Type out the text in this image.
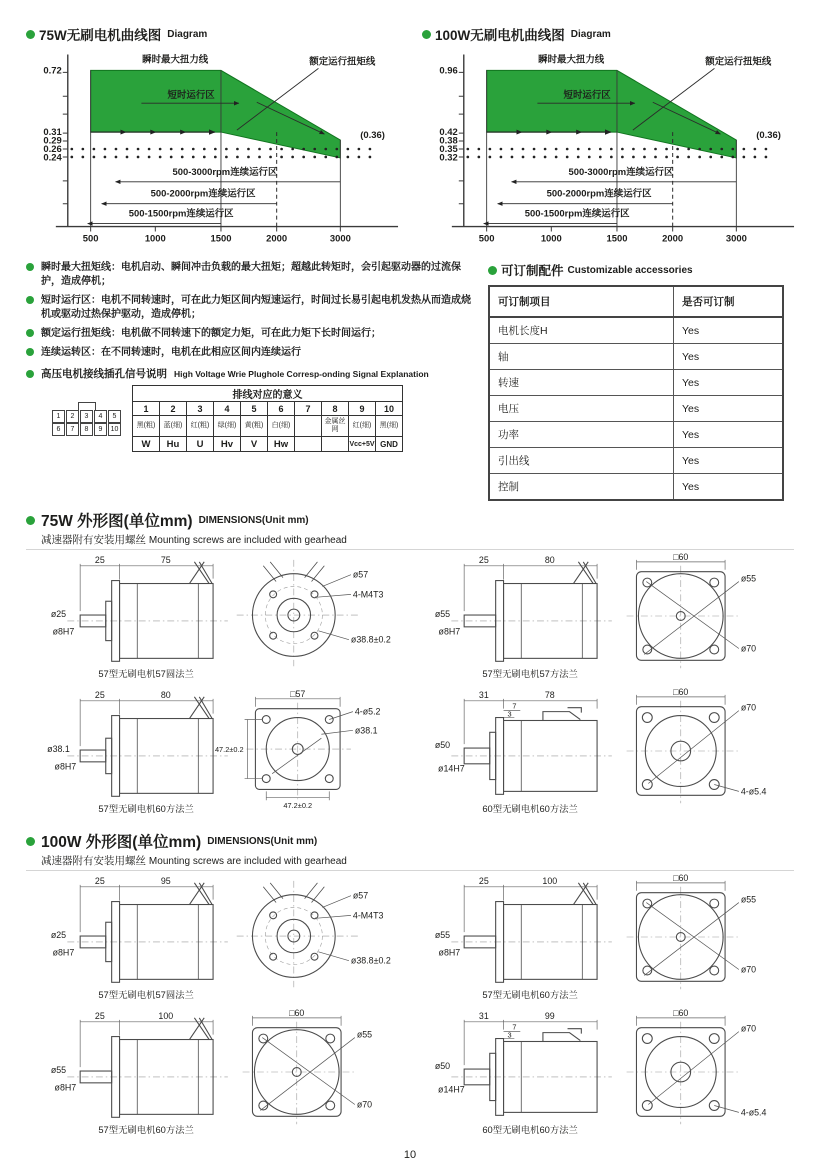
75W无刷电机曲线图 Diagram
瞬时最大扭力线	额定运行扭矩线
短时运行区
(0.36)
500-3000rpm连续运行区
500-2000rpm连续运行区
500-1500rpm连续运行区
0.72
0.31
0.29
0.26
0.24
500	1000	1500	2000	3000
100W无刷电机曲线图 Diagram
瞬时最大扭力线	额定运行扭矩线
短时运行区
(0.36)
500-3000rpm连续运行区
500-2000rpm连续运行区
500-1500rpm连续运行区
0.96
0.42
0.38
0.35
0.32
500	1000	1500	2000	3000
瞬时最大扭矩线：电机启动、瞬间冲击负载的最大扭矩；超越此转矩时，会引起驱动器的过流保护，造成停机；
短时运行区：电机不同转速时，可在此力矩区间内短速运行，时间过长易引起电机发热从而造成烧机或驱动过热保护驱动，造成停机；
额定运行扭矩线：电机做不同转速下的额定力矩，可在此力矩下长时间运行；
连续运转区：在不同转速时，电机在此相应区间内连续运行
高压电机接线插孔信号说明 High Voltage Wrie Plughole Corresp-onding Signal Explanation
1	2	3	4	5
6	7	8	9	10
排线对应的意义									
1	2	3	4	5	6	7	8	9	10
黑(粗)	蓝(细)	红(粗)	绿(细)	黄(粗)	白(细)		金属丝网	红(细)	黑(细)
W	Hu	U	Hv	V	Hw			Vcc+5V	GND
可订制配件 Customizable accessories
可订制项目	是否可订制
电机长度H	Yes
轴	Yes
转速	Yes
电压	Yes
功率	Yes
引出线	Yes
控制	Yes
75W 外形图(单位mm) DIMENSIONS(Unit mm)
减速器附有安装用螺丝 Mounting screws are included with gearhead
25	75
ø25
ø8H7
ø57
4-M4T3
ø38.8±0.2
57型无刷电机57圆法兰
25	80
ø55
ø8H7
□60
ø55
ø70
57型无刷电机57方法兰
25	80
ø38.1
ø8H7
□57
4-ø5.2
ø38.1
47.2±0.2
47.2±0.2
57型无刷电机60方法兰
31	78
7
3
ø50
ø14H7
□60
ø70
4-ø5.4
60型无刷电机60方法兰
100W 外形图(单位mm) DIMENSIONS(Unit mm)
减速器附有安装用螺丝 Mounting screws are included with gearhead
25	95
ø25
ø8H7
ø57
4-M4T3
ø38.8±0.2
57型无刷电机57圆法兰
25	100
ø55
ø8H7
□60
ø55
ø70
57型无刷电机60方法兰
25	100
ø55
ø8H7
□60
ø55
ø70
57型无刷电机60方法兰
31	99
7
3
ø50
ø14H7
□60
ø70
4-ø5.4
60型无刷电机60方法兰
10
